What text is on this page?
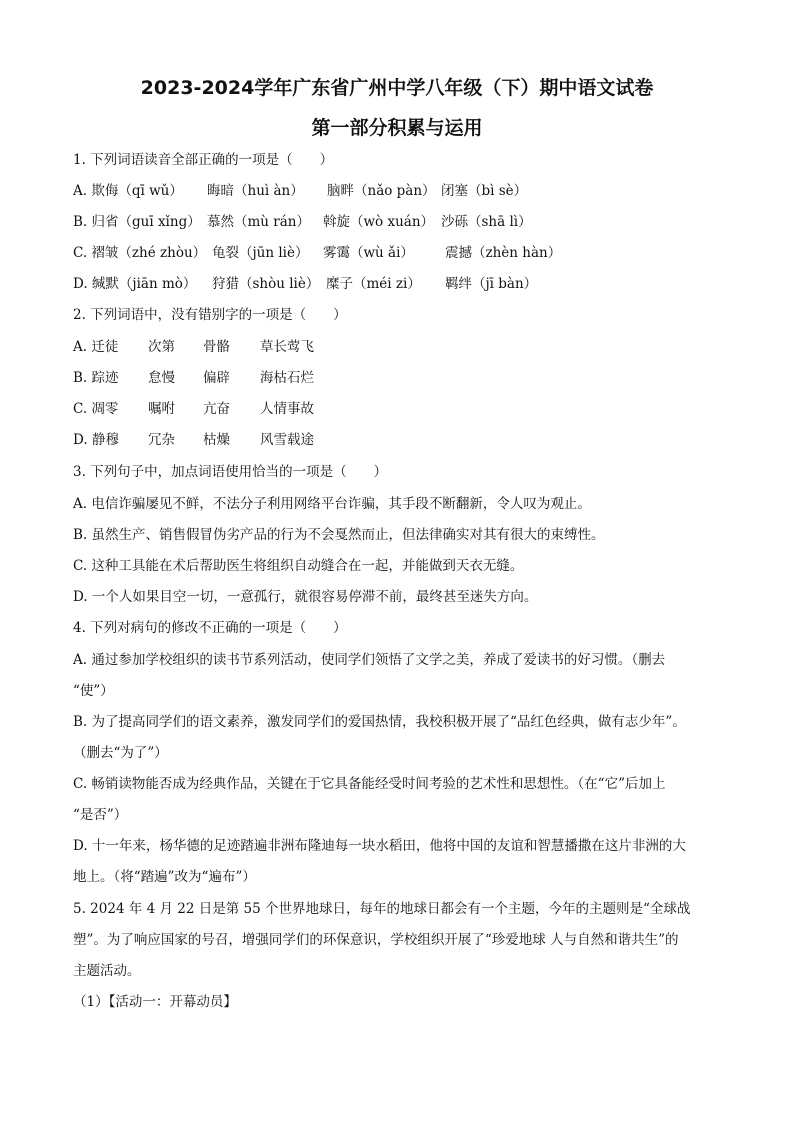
2023-2024学年广东省广州中学八年级（下）期中语文试卷
第一部分积累与运用
1. 下列词语读音全部正确的一项是（　　）
A. 欺侮（qī wǔ） 晦暗（huì àn） 脑畔（nǎo pàn） 闭塞（bì sè）
B. 归省（guī xǐng） 慕然（mù rán） 斡旋（wò xuán） 沙砾（shā lì）
C. 褶皱（zhé zhòu） 龟裂（jūn liè） 雾霭（wù ǎi） 震撼（zhèn hàn）
D. 缄默（jiān mò） 狩猎（shòu liè） 糜子（méi zi） 羁绊（jī bàn）
2. 下列词语中，没有错别字的一项是（　　）
A. 迁徒 次第 骨骼 草长莺飞
B. 踪迹 怠慢 偏辟 海枯石烂
C. 凋零 嘱咐 亢奋 人情事故
D. 静穆 冗杂 枯燥 风雪载途
3. 下列句子中，加点词语使用恰当的一项是（　　）
A. 电信诈骗屡见不鲜，不法分子利用网络平台诈骗，其手段不断翻新，令人叹为观止。
B. 虽然生产、销售假冒伪劣产品的行为不会戛然而止，但法律确实对其有很大的束缚性。
C. 这种工具能在术后帮助医生将组织自动缝合在一起，并能做到天衣无缝。
D. 一个人如果目空一切，一意孤行，就很容易停滞不前，最终甚至迷失方向。
4. 下列对病句的修改不正确的一项是（　　）
A. 通过参加学校组织的读书节系列活动，使同学们领悟了文学之美，养成了爱读书的好习惯。（删去
“使”）
B. 为了提高同学们的语文素养，激发同学们的爱国热情，我校积极开展了“品红色经典，做有志少年”。
（删去“为了”）
C. 畅销读物能否成为经典作品，关键在于它具备能经受时间考验的艺术性和思想性。（在“它”后加上
“是否”）
D. 十一年来，杨华德的足迹踏遍非洲布隆迪每一块水稻田，他将中国的友谊和智慧播撒在这片非洲的大
地上。（将“踏遍”改为“遍布”）
5. 2024 年 4 月 22 日是第 55 个世界地球日，每年的地球日都会有一个主题，今年的主题则是“全球战
塑”。为了响应国家的号召，增强同学们的环保意识，学校组织开展了“珍爱地球 人与自然和谐共生”的
主题活动。
（1）【活动一：开幕动员】
